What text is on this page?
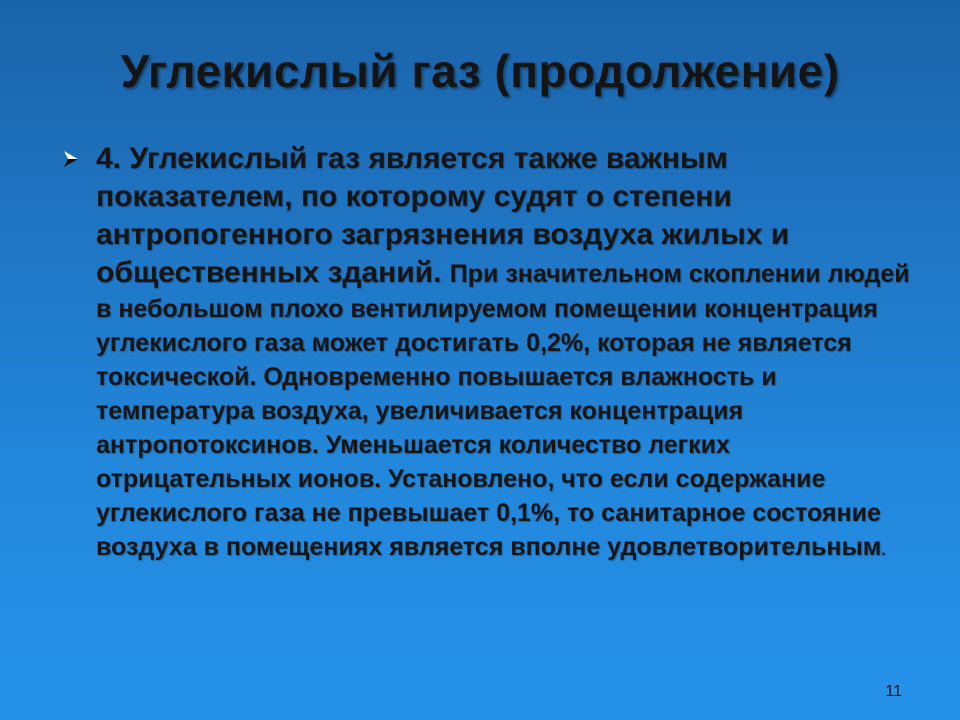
Углекислый газ (продолжение)
4. Углекислый газ является также важным показателем, по которому судят о степени антропогенного загрязнения воздуха жилых и общественных зданий. При значительном скоплении людей в небольшом плохо вентилируемом помещении концентрация углекислого газа может достигать 0,2%, которая не является токсической. Одновременно повышается влажность и температура воздуха, увеличивается концентрация антропотоксинов. Уменьшается количество легких отрицательных ионов. Установлено, что если содержание углекислого газа не превышает 0,1%, то санитарное состояние воздуха в помещениях является вполне удовлетворительным.
11
